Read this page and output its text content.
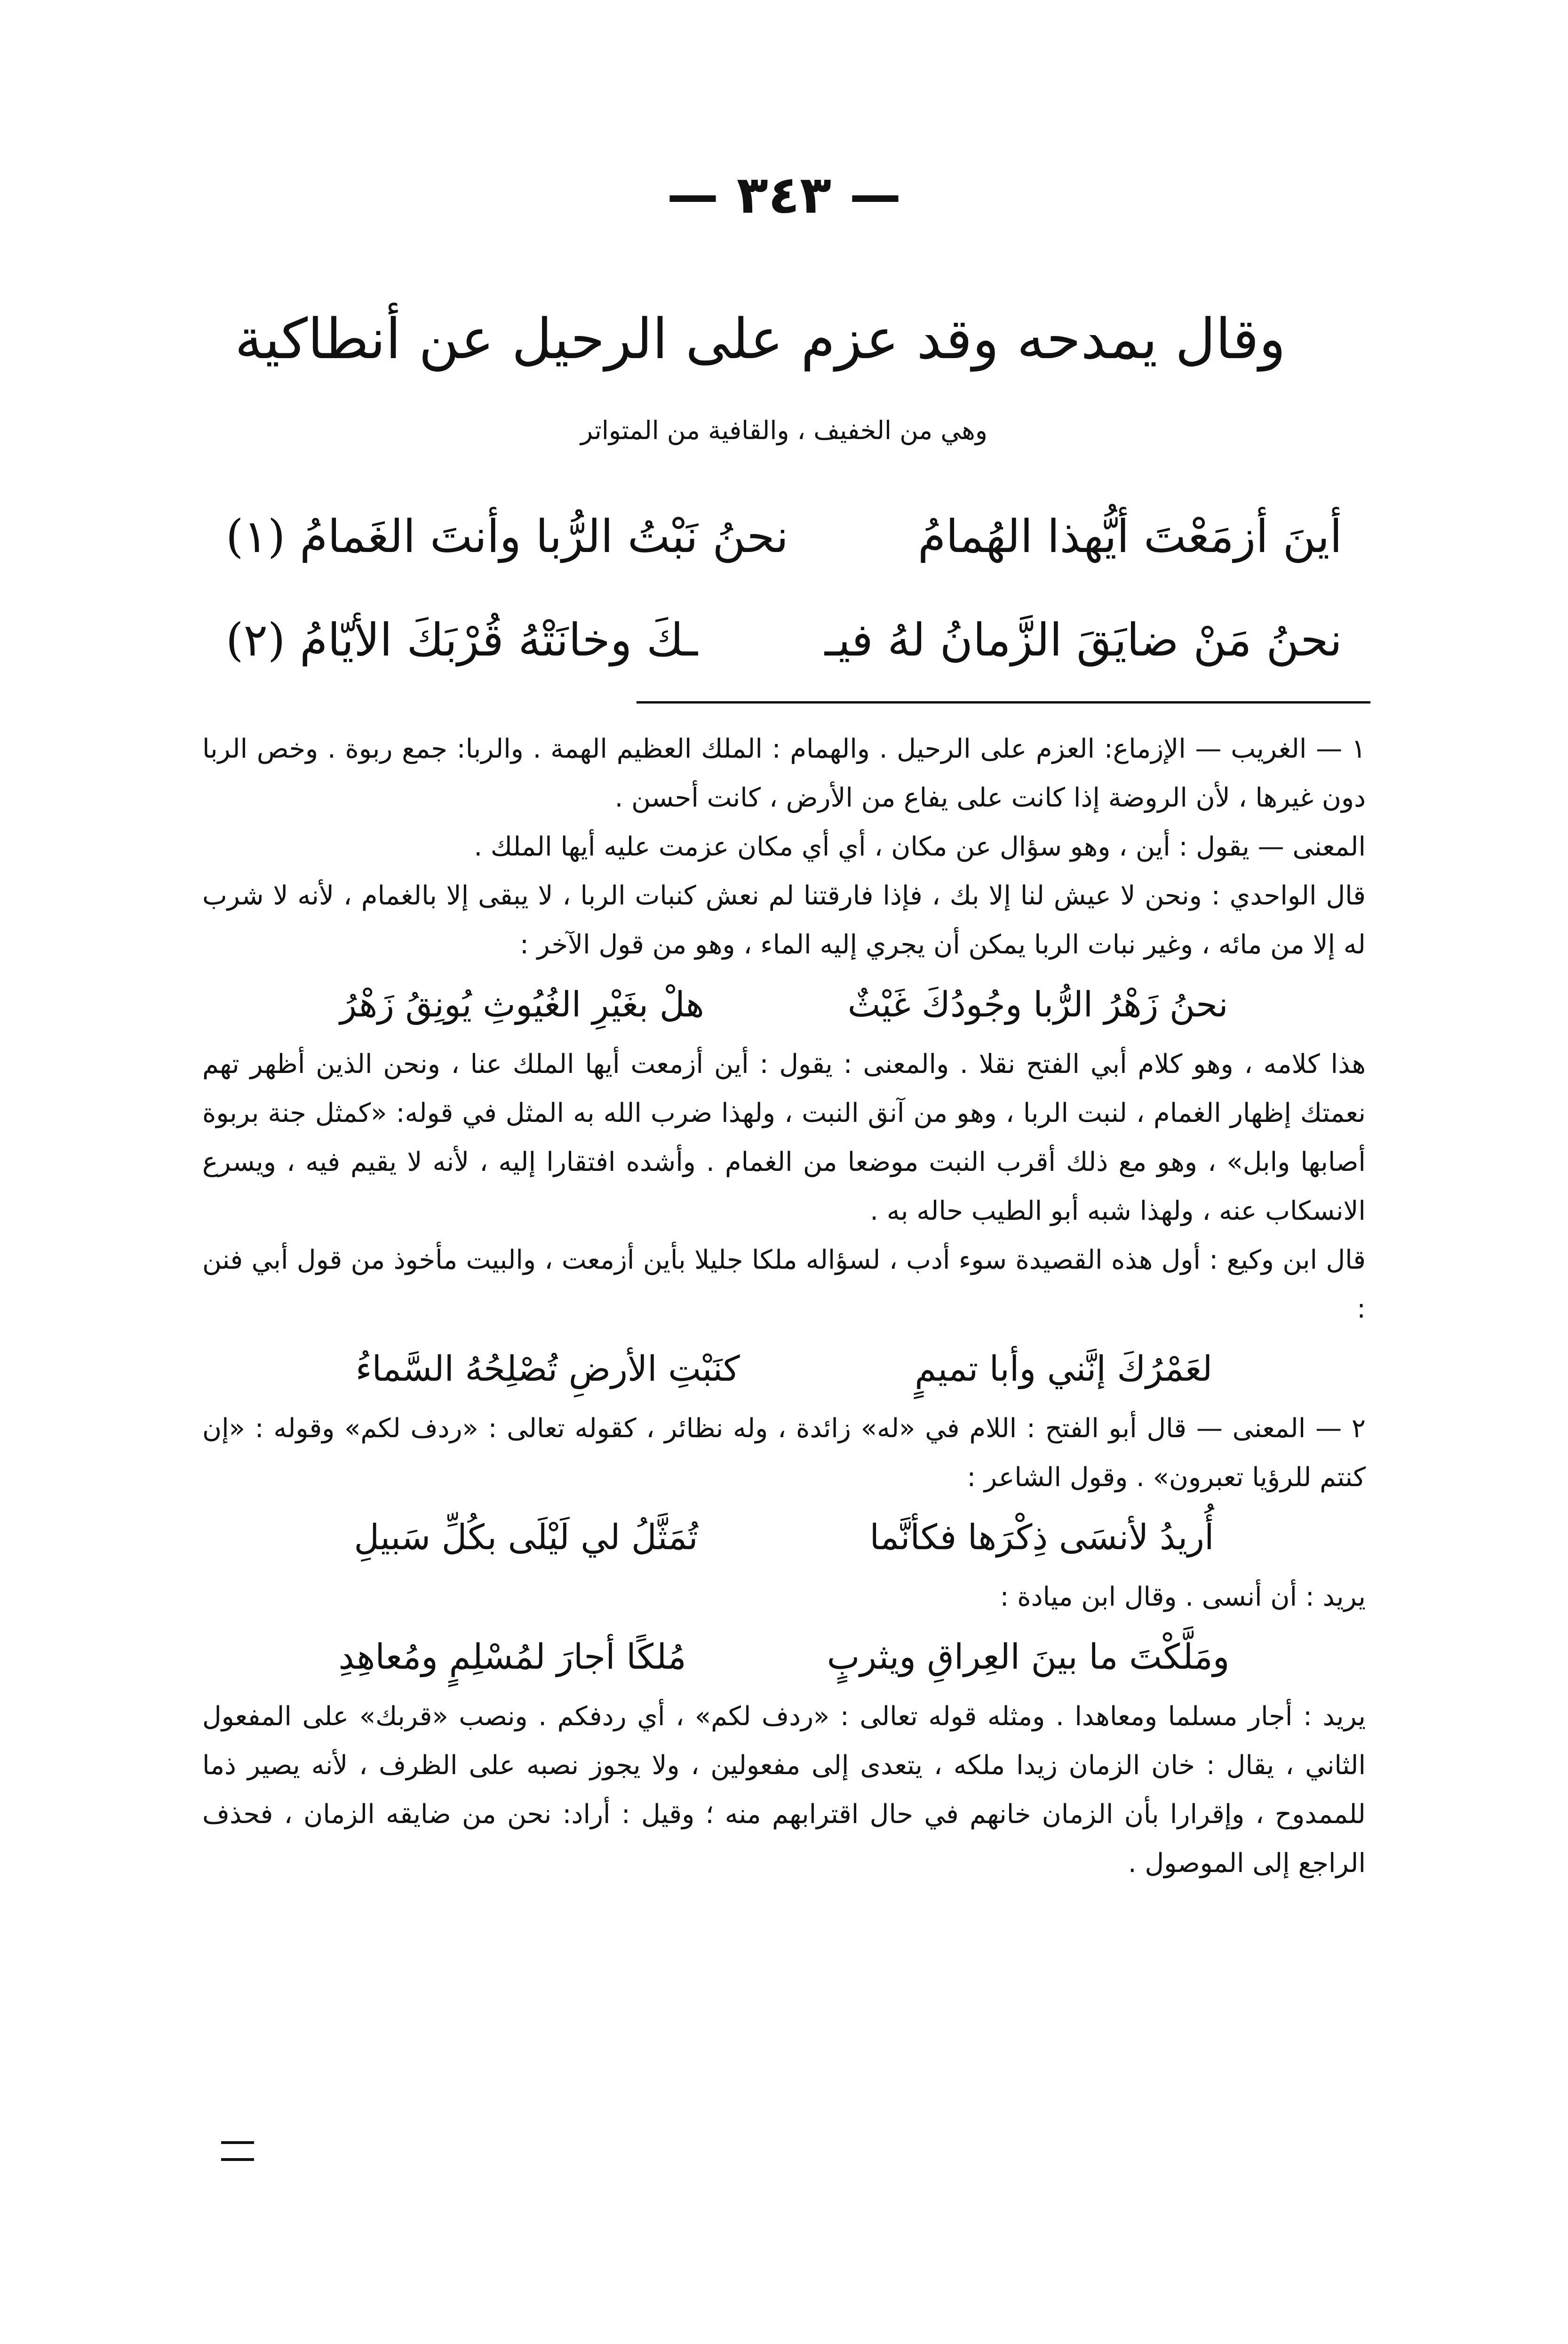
— ٣٤٣ —
وقال يمدحه وقد عزم على الرحيل عن أنطاكية
وهي من الخفيف ، والقافية من المتواتر
أينَ أزمَعْتَ أيُّهذا الهُمامُ
نحنُ نَبْتُ الرُّبا وأنتَ الغَمامُ (١)
نحنُ مَنْ ضايَقَ الزَّمانُ لهُ فيـ
ـكَ وخانَتْهُ قُرْبَكَ الأيّامُ (٢)

١ — الغريب — الإزماع: العزم على الرحيل . والهمام : الملك العظيم الهمة . والربا: جمع ربوة . وخص الربا دون غيرها ، لأن الروضة إذا كانت على يفاع من الأرض ، كانت أحسن .

المعنى — يقول : أين ، وهو سؤال عن مكان ، أي أي مكان عزمت عليه أيها الملك .

قال الواحدي : ونحن لا عيش لنا إلا بك ، فإذا فارقتنا لم نعش كنبات الربا ، لا يبقى إلا بالغمام ، لأنه لا شرب له إلا من مائه ، وغير نبات الربا يمكن أن يجري إليه الماء ، وهو من قول الآخر :

نحنُ زَهْرُ الرُّبا وجُودُكَ غَيْثٌ
هلْ بغَيْرِ الغُيُوثِ يُونِقُ زَهْرُ

هذا كلامه ، وهو كلام أبي الفتح نقلا . والمعنى : يقول : أين أزمعت أيها الملك عنا ، ونحن الذين أظهر تهم نعمتك إظهار الغمام ، لنبت الربا ، وهو من آنق النبت ، ولهذا ضرب الله به المثل في قوله: «كمثل جنة بربوة أصابها وابل» ، وهو مع ذلك أقرب النبت موضعا من الغمام . وأشده افتقارا إليه ، لأنه لا يقيم فيه ، ويسرع الانسكاب عنه ، ولهذا شبه أبو الطيب حاله به .

قال ابن وكيع : أول هذه القصيدة سوء أدب ، لسؤاله ملكا جليلا بأين أزمعت ، والبيت مأخوذ من قول أبي فنن :

لعَمْرُكَ إنَّني وأبا تميمٍ
كنَبْتِ الأرضِ تُصْلِحُهُ السَّماءُ

٢ — المعنى — قال أبو الفتح : اللام في «له» زائدة ، وله نظائر ، كقوله تعالى : «ردف لكم» وقوله : «إن كنتم للرؤيا تعبرون» . وقول الشاعر :

أُريدُ لأنسَى ذِكْرَها فكأنَّما
تُمَثَّلُ لي لَيْلَى بكُلِّ سَبيلِ

يريد : أن أنسى . وقال ابن ميادة :

ومَلَّكْتَ ما بينَ العِراقِ ويثربٍ
مُلكًا أجارَ لمُسْلِمٍ ومُعاهِدِ

يريد : أجار مسلما ومعاهدا . ومثله قوله تعالى : «ردف لكم» ، أي ردفكم . ونصب «قربك» على المفعول الثاني ، يقال : خان الزمان زيدا ملكه ، يتعدى إلى مفعولين ، ولا يجوز نصبه على الظرف ، لأنه يصير ذما للممدوح ، وإقرارا بأن الزمان خانهم في حال اقترابهم منه ؛ وقيل : أراد: نحن من ضايقه الزمان ، فحذف الراجع إلى الموصول .
